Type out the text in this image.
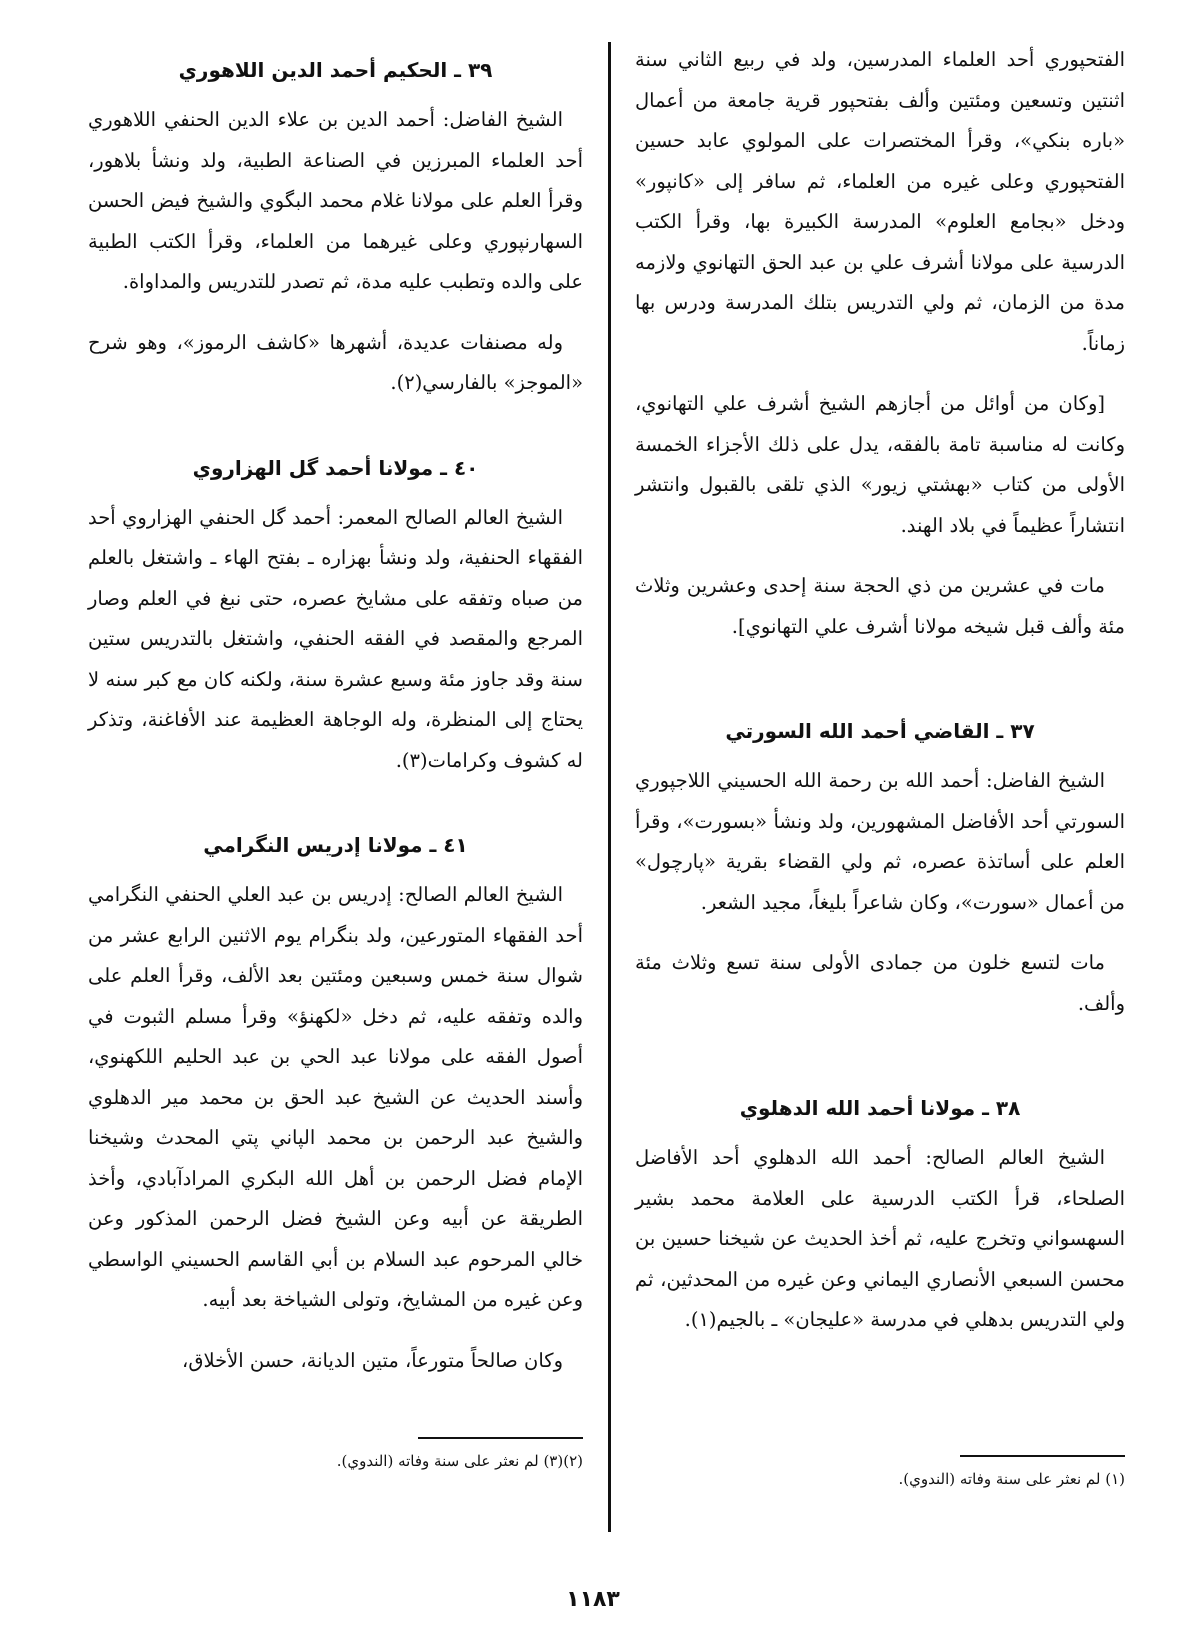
الفتحپوري أحد العلماء المدرسين، ولد في ربيع الثاني سنة اثنتين وتسعين ومئتين وألف بفتحپور قرية جامعة من أعمال «باره بنكي»، وقرأ المختصرات على المولوي عابد حسين الفتحپوري وعلى غيره من العلماء، ثم سافر إلى «كانپور» ودخل «بجامع العلوم» المدرسة الكبيرة بها، وقرأ الكتب الدرسية على مولانا أشرف علي بن عبد الحق التهانوي ولازمه مدة من الزمان، ثم ولي التدريس بتلك المدرسة ودرس بها زماناً.

[وكان من أوائل من أجازهم الشيخ أشرف علي التهانوي، وكانت له مناسبة تامة بالفقه، يدل على ذلك الأجزاء الخمسة الأولى من كتاب «بهشتي زيور» الذي تلقى بالقبول وانتشر انتشاراً عظيماً في بلاد الهند.

مات في عشرين من ذي الحجة سنة إحدى وعشرين وثلاث مئة وألف قبل شيخه مولانا أشرف علي التهانوي].

٣٧ ـ القاضي أحمد الله السورتي

الشيخ الفاضل: أحمد الله بن رحمة الله الحسيني اللاجپوري السورتي أحد الأفاضل المشهورين، ولد ونشأ «بسورت»، وقرأ العلم على أساتذة عصره، ثم ولي القضاء بقرية «پارچول» من أعمال «سورت»، وكان شاعراً بليغاً، مجيد الشعر.

مات لتسع خلون من جمادى الأولى سنة تسع وثلاث مئة وألف.

٣٨ ـ مولانا أحمد الله الدهلوي

الشيخ العالم الصالح: أحمد الله الدهلوي أحد الأفاضل الصلحاء، قرأ الكتب الدرسية على العلامة محمد بشير السهسواني وتخرج عليه، ثم أخذ الحديث عن شيخنا حسين بن محسن السبعي الأنصاري اليماني وعن غيره من المحدثين، ثم ولي التدريس بدهلي في مدرسة «عليجان» ـ بالجيم(١).

٣٩ ـ الحكيم أحمد الدين اللاهوري

الشيخ الفاضل: أحمد الدين بن علاء الدين الحنفي اللاهوري أحد العلماء المبرزين في الصناعة الطبية، ولد ونشأ بلاهور، وقرأ العلم على مولانا غلام محمد البگوي والشيخ فيض الحسن السهارنپوري وعلى غيرهما من العلماء، وقرأ الكتب الطبية على والده وتطبب عليه مدة، ثم تصدر للتدريس والمداواة.

وله مصنفات عديدة، أشهرها «كاشف الرموز»، وهو شرح «الموجز» بالفارسي(٢).

٤٠ ـ مولانا أحمد گل الهزاروي

الشيخ العالم الصالح المعمر: أحمد گل الحنفي الهزاروي أحد الفقهاء الحنفية، ولد ونشأ بهزاره ـ بفتح الهاء ـ واشتغل بالعلم من صباه وتفقه على مشايخ عصره، حتى نبغ في العلم وصار المرجع والمقصد في الفقه الحنفي، واشتغل بالتدريس ستين سنة وقد جاوز مئة وسبع عشرة سنة، ولكنه كان مع كبر سنه لا يحتاج إلى المنظرة، وله الوجاهة العظيمة عند الأفاغنة، وتذكر له كشوف وكرامات(٣).

٤١ ـ مولانا إدريس النگرامي

الشيخ العالم الصالح: إدريس بن عبد العلي الحنفي النگرامي أحد الفقهاء المتورعين، ولد بنگرام يوم الاثنين الرابع عشر من شوال سنة خمس وسبعين ومئتين بعد الألف، وقرأ العلم على والده وتفقه عليه، ثم دخل «لكهنؤ» وقرأ مسلم الثبوت في أصول الفقه على مولانا عبد الحي بن عبد الحليم اللكهنوي، وأسند الحديث عن الشيخ عبد الحق بن محمد مير الدهلوي والشيخ عبد الرحمن بن محمد الپاني پتي المحدث وشيخنا الإمام فضل الرحمن بن أهل الله البكري المرادآبادي، وأخذ الطريقة عن أبيه وعن الشيخ فضل الرحمن المذكور وعن خالي المرحوم عبد السلام بن أبي القاسم الحسيني الواسطي وعن غيره من المشايخ، وتولى الشياخة بعد أبيه.

وكان صالحاً متورعاً، متين الديانة، حسن الأخلاق،

(٢)(٣) لم نعثر على سنة وفاته (الندوي).
(١) لم نعثر على سنة وفاته (الندوي).
١١٨٣
